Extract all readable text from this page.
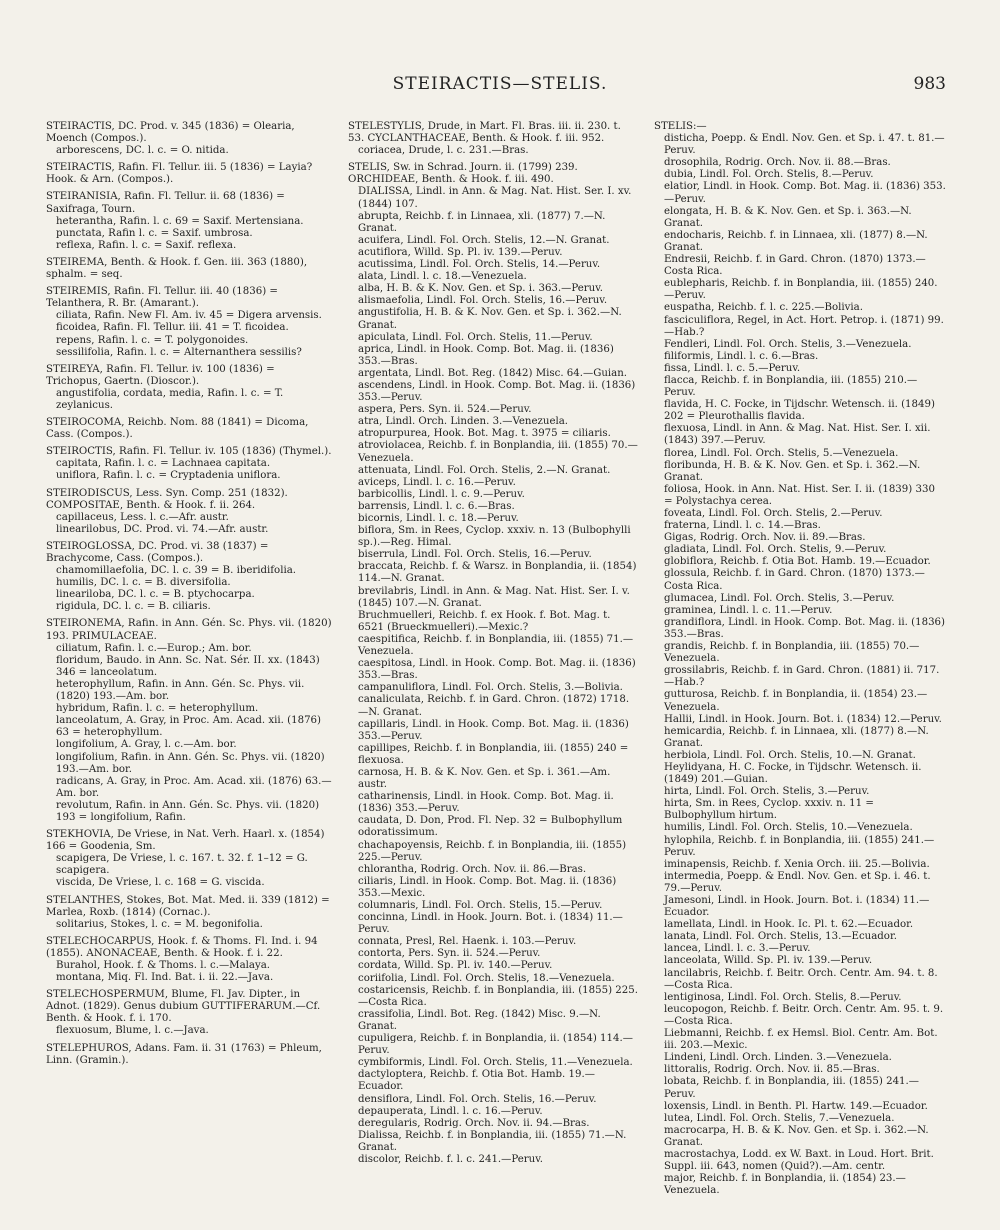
STEIRACTIS—STELIS.	983

STEIRACTIS, DC. Prod. v. 345 (1836) = Olearia, Moench (Compos.).

arborescens, DC. l. c. = O. nitida.

STEIRACTIS, Rafin. Fl. Tellur. iii. 5 (1836) = Layia? Hook. & Arn. (Compos.).

STEIRANISIA, Rafin. Fl. Tellur. ii. 68 (1836) = Saxifraga, Tourn.

heterantha, Rafin. l. c. 69 = Saxif. Mertensiana.

punctata, Rafin l. c. = Saxif. umbrosa.

reflexa, Rafin. l. c. = Saxif. reflexa.

STEIREMA, Benth. & Hook. f. Gen. iii. 363 (1880), sphalm. = seq.

STEIREMIS, Rafin. Fl. Tellur. iii. 40 (1836) = Telanthera, R. Br. (Amarant.).

ciliata, Rafin. New Fl. Am. iv. 45 = Digera arvensis.

ficoidea, Rafin. Fl. Tellur. iii. 41 = T. ficoidea.

repens, Rafin. l. c. = T. polygonoides.

sessilifolia, Rafin. l. c. = Alternanthera sessilis?

STEIREYA, Rafin. Fl. Tellur. iv. 100 (1836) = Trichopus, Gaertn. (Dioscor.).

angustifolia, cordata, media, Rafin. l. c. = T. zeylanicus.

STEIROCOMA, Reichb. Nom. 88 (1841) = Dicoma, Cass. (Compos.).

STEIROCTIS, Rafin. Fl. Tellur. iv. 105 (1836) (Thymel.).

capitata, Rafin. l. c. = Lachnaea capitata.

uniflora, Rafin. l. c. = Cryptadenia uniflora.

STEIRODISCUS, Less. Syn. Comp. 251 (1832). COMPOSITAE, Benth. & Hook. f. ii. 264.

capillaceus, Less. l. c.—Afr. austr.

linearilobus, DC. Prod. vi. 74.—Afr. austr.

STEIROGLOSSA, DC. Prod. vi. 38 (1837) = Brachycome, Cass. (Compos.).

chamomillaefolia, DC. l. c. 39 = B. iberidifolia.

humilis, DC. l. c. = B. diversifolia.

lineariloba, DC. l. c. = B. ptychocarpa.

rigidula, DC. l. c. = B. ciliaris.

STEIRONEMA, Rafin. in Ann. Gén. Sc. Phys. vii. (1820) 193. PRIMULACEAE.

ciliatum, Rafin. l. c.—Europ.; Am. bor.

floridum, Baudo. in Ann. Sc. Nat. Sér. II. xx. (1843) 346 = lanceolatum.

heterophyllum, Rafin. in Ann. Gén. Sc. Phys. vii. (1820) 193.—Am. bor.

hybridum, Rafin. l. c. = heterophyllum.

lanceolatum, A. Gray, in Proc. Am. Acad. xii. (1876) 63 = heterophyllum.

longifolium, A. Gray, l. c.—Am. bor.

longifolium, Rafin. in Ann. Gén. Sc. Phys. vii. (1820) 193.—Am. bor.

radicans, A. Gray, in Proc. Am. Acad. xii. (1876) 63.—Am. bor.

revolutum, Rafin. in Ann. Gén. Sc. Phys. vii. (1820) 193 = longifolium, Rafin.

STEKHOVIA, De Vriese, in Nat. Verh. Haarl. x. (1854) 166 = Goodenia, Sm.

scapigera, De Vriese, l. c. 167. t. 32. f. 1–12 = G. scapigera.

viscida, De Vriese, l. c. 168 = G. viscida.

STELANTHES, Stokes, Bot. Mat. Med. ii. 339 (1812) = Marlea, Roxb. (1814) (Cornac.).

solitarius, Stokes, l. c. = M. begonifolia.

STELECHOCARPUS, Hook. f. & Thoms. Fl. Ind. i. 94 (1855). ANONACEAE, Benth. & Hook. f. i. 22.

Burahol, Hook. f. & Thoms. l. c.—Malaya.

montana, Miq. Fl. Ind. Bat. i. ii. 22.—Java.

STELECHOSPERMUM, Blume, Fl. Jav. Dipter., in Adnot. (1829). Genus dubium GUTTIFERARUM.—Cf. Benth. & Hook. f. i. 170.

flexuosum, Blume, l. c.—Java.

STELEPHUROS, Adans. Fam. ii. 31 (1763) = Phleum, Linn. (Gramin.).

STELESTYLIS, Drude, in Mart. Fl. Bras. iii. ii. 230. t. 53. CYCLANTHACEAE, Benth. & Hook. f. iii. 952.

coriacea, Drude, l. c. 231.—Bras.

STELIS, Sw. in Schrad. Journ. ii. (1799) 239. ORCHIDEAE, Benth. & Hook. f. iii. 490.

DIALISSA, Lindl. in Ann. & Mag. Nat. Hist. Ser. I. xv. (1844) 107.

abrupta, Reichb. f. in Linnaea, xli. (1877) 7.—N. Granat.

acuifera, Lindl. Fol. Orch. Stelis, 12.—N. Granat.

acutiflora, Willd. Sp. Pl. iv. 139.—Peruv.

acutissima, Lindl. Fol. Orch. Stelis, 14.—Peruv.

alata, Lindl. l. c. 18.—Venezuela.

alba, H. B. & K. Nov. Gen. et Sp. i. 363.—Peruv.

alismaefolia, Lindl. Fol. Orch. Stelis, 16.—Peruv.

angustifolia, H. B. & K. Nov. Gen. et Sp. i. 362.—N. Granat.

apiculata, Lindl. Fol. Orch. Stelis, 11.—Peruv.

aprica, Lindl. in Hook. Comp. Bot. Mag. ii. (1836) 353.—Bras.

argentata, Lindl. Bot. Reg. (1842) Misc. 64.—Guian.

ascendens, Lindl. in Hook. Comp. Bot. Mag. ii. (1836) 353.—Peruv.

aspera, Pers. Syn. ii. 524.—Peruv.

atra, Lindl. Orch. Linden. 3.—Venezuela.

atropurpurea, Hook. Bot. Mag. t. 3975 = ciliaris.

atroviolacea, Reichb. f. in Bonplandia, iii. (1855) 70.—Venezuela.

attenuata, Lindl. Fol. Orch. Stelis, 2.—N. Granat.

aviceps, Lindl. l. c. 16.—Peruv.

barbicollis, Lindl. l. c. 9.—Peruv.

barrensis, Lindl. l. c. 6.—Bras.

bicornis, Lindl. l. c. 18.—Peruv.

biflora, Sm. in Rees, Cyclop. xxxiv. n. 13 (Bulbophylli sp.).—Reg. Himal.

biserrula, Lindl. Fol. Orch. Stelis, 16.—Peruv.

braccata, Reichb. f. & Warsz. in Bonplandia, ii. (1854) 114.—N. Granat.

brevilabris, Lindl. in Ann. & Mag. Nat. Hist. Ser. I. v. (1845) 107.—N. Granat.

Bruchmuelleri, Reichb. f. ex Hook. f. Bot. Mag. t. 6521 (Brueckmuelleri).—Mexic.?

caespitifica, Reichb. f. in Bonplandia, iii. (1855) 71.—Venezuela.

caespitosa, Lindl. in Hook. Comp. Bot. Mag. ii. (1836) 353.—Bras.

campanuliflora, Lindl. Fol. Orch. Stelis, 3.—Bolivia.

canaliculata, Reichb. f. in Gard. Chron. (1872) 1718.—N. Granat.

capillaris, Lindl. in Hook. Comp. Bot. Mag. ii. (1836) 353.—Peruv.

capillipes, Reichb. f. in Bonplandia, iii. (1855) 240 = flexuosa.

carnosa, H. B. & K. Nov. Gen. et Sp. i. 361.—Am. austr.

catharinensis, Lindl. in Hook. Comp. Bot. Mag. ii. (1836) 353.—Peruv.

caudata, D. Don, Prod. Fl. Nep. 32 = Bulbophyllum odoratissimum.

chachapoyensis, Reichb. f. in Bonplandia, iii. (1855) 225.—Peruv.

chlorantha, Rodrig. Orch. Nov. ii. 86.—Bras.

ciliaris, Lindl. in Hook. Comp. Bot. Mag. ii. (1836) 353.—Mexic.

columnaris, Lindl. Fol. Orch. Stelis, 15.—Peruv.

concinna, Lindl. in Hook. Journ. Bot. i. (1834) 11.—Peruv.

connata, Presl, Rel. Haenk. i. 103.—Peruv.

contorta, Pers. Syn. ii. 524.—Peruv.

cordata, Willd. Sp. Pl. iv. 140.—Peruv.

coriifolia, Lindl. Fol. Orch. Stelis, 18.—Venezuela.

costaricensis, Reichb. f. in Bonplandia, iii. (1855) 225.—Costa Rica.

crassifolia, Lindl. Bot. Reg. (1842) Misc. 9.—N. Granat.

cupuligera, Reichb. f. in Bonplandia, ii. (1854) 114.—Peruv.

cymbiformis, Lindl. Fol. Orch. Stelis, 11.—Venezuela.

dactyloptera, Reichb. f. Otia Bot. Hamb. 19.—Ecuador.

densiflora, Lindl. Fol. Orch. Stelis, 16.—Peruv.

depauperata, Lindl. l. c. 16.—Peruv.

deregularis, Rodrig. Orch. Nov. ii. 94.—Bras.

Dialissa, Reichb. f. in Bonplandia, iii. (1855) 71.—N. Granat.

discolor, Reichb. f. l. c. 241.—Peruv.

STELIS:—

disticha, Poepp. & Endl. Nov. Gen. et Sp. i. 47. t. 81.—Peruv.

drosophila, Rodrig. Orch. Nov. ii. 88.—Bras.

dubia, Lindl. Fol. Orch. Stelis, 8.—Peruv.

elatior, Lindl. in Hook. Comp. Bot. Mag. ii. (1836) 353.—Peruv.

elongata, H. B. & K. Nov. Gen. et Sp. i. 363.—N. Granat.

endocharis, Reichb. f. in Linnaea, xli. (1877) 8.—N. Granat.

Endresii, Reichb. f. in Gard. Chron. (1870) 1373.—Costa Rica.

eublepharis, Reichb. f. in Bonplandia, iii. (1855) 240.—Peruv.

euspatha, Reichb. f. l. c. 225.—Bolivia.

fasciculiflora, Regel, in Act. Hort. Petrop. i. (1871) 99.—Hab.?

Fendleri, Lindl. Fol. Orch. Stelis, 3.—Venezuela.

filiformis, Lindl. l. c. 6.—Bras.

fissa, Lindl. l. c. 5.—Peruv.

flacca, Reichb. f. in Bonplandia, iii. (1855) 210.—Peruv.

flavida, H. C. Focke, in Tijdschr. Wetensch. ii. (1849) 202 = Pleurothallis flavida.

flexuosa, Lindl. in Ann. & Mag. Nat. Hist. Ser. I. xii. (1843) 397.—Peruv.

florea, Lindl. Fol. Orch. Stelis, 5.—Venezuela.

floribunda, H. B. & K. Nov. Gen. et Sp. i. 362.—N. Granat.

foliosa, Hook. in Ann. Nat. Hist. Ser. I. ii. (1839) 330 = Polystachya cerea.

foveata, Lindl. Fol. Orch. Stelis, 2.—Peruv.

fraterna, Lindl. l. c. 14.—Bras.

Gigas, Rodrig. Orch. Nov. ii. 89.—Bras.

gladiata, Lindl. Fol. Orch. Stelis, 9.—Peruv.

globiflora, Reichb. f. Otia Bot. Hamb. 19.—Ecuador.

glossula, Reichb. f. in Gard. Chron. (1870) 1373.—Costa Rica.

glumacea, Lindl. Fol. Orch. Stelis, 3.—Peruv.

graminea, Lindl. l. c. 11.—Peruv.

grandiflora, Lindl. in Hook. Comp. Bot. Mag. ii. (1836) 353.—Bras.

grandis, Reichb. f. in Bonplandia, iii. (1855) 70.—Venezuela.

grossilabris, Reichb. f. in Gard. Chron. (1881) ii. 717.—Hab.?

gutturosa, Reichb. f. in Bonplandia, ii. (1854) 23.—Venezuela.

Hallii, Lindl. in Hook. Journ. Bot. i. (1834) 12.—Peruv.

hemicardia, Reichb. f. in Linnaea, xli. (1877) 8.—N. Granat.

herbiola, Lindl. Fol. Orch. Stelis, 10.—N. Granat.

Heylidyana, H. C. Focke, in Tijdschr. Wetensch. ii. (1849) 201.—Guian.

hirta, Lindl. Fol. Orch. Stelis, 3.—Peruv.

hirta, Sm. in Rees, Cyclop. xxxiv. n. 11 = Bulbophyllum hirtum.

humilis, Lindl. Fol. Orch. Stelis, 10.—Venezuela.

hylophila, Reichb. f. in Bonplandia, iii. (1855) 241.—Peruv.

iminapensis, Reichb. f. Xenia Orch. iii. 25.—Bolivia.

intermedia, Poepp. & Endl. Nov. Gen. et Sp. i. 46. t. 79.—Peruv.

Jamesoni, Lindl. in Hook. Journ. Bot. i. (1834) 11.—Ecuador.

lamellata, Lindl. in Hook. Ic. Pl. t. 62.—Ecuador.

lanata, Lindl. Fol. Orch. Stelis, 13.—Ecuador.

lancea, Lindl. l. c. 3.—Peruv.

lanceolata, Willd. Sp. Pl. iv. 139.—Peruv.

lancilabris, Reichb. f. Beitr. Orch. Centr. Am. 94. t. 8.—Costa Rica.

lentiginosa, Lindl. Fol. Orch. Stelis, 8.—Peruv.

leucopogon, Reichb. f. Beitr. Orch. Centr. Am. 95. t. 9.—Costa Rica.

Liebmanni, Reichb. f. ex Hemsl. Biol. Centr. Am. Bot. iii. 203.—Mexic.

Lindeni, Lindl. Orch. Linden. 3.—Venezuela.

littoralis, Rodrig. Orch. Nov. ii. 85.—Bras.

lobata, Reichb. f. in Bonplandia, iii. (1855) 241.—Peruv.

loxensis, Lindl. in Benth. Pl. Hartw. 149.—Ecuador.

lutea, Lindl. Fol. Orch. Stelis, 7.—Venezuela.

macrocarpa, H. B. & K. Nov. Gen. et Sp. i. 362.—N. Granat.

macrostachya, Lodd. ex W. Baxt. in Loud. Hort. Brit. Suppl. iii. 643, nomen (Quid?).—Am. centr.

major, Reichb. f. in Bonplandia, ii. (1854) 23.—Venezuela.
